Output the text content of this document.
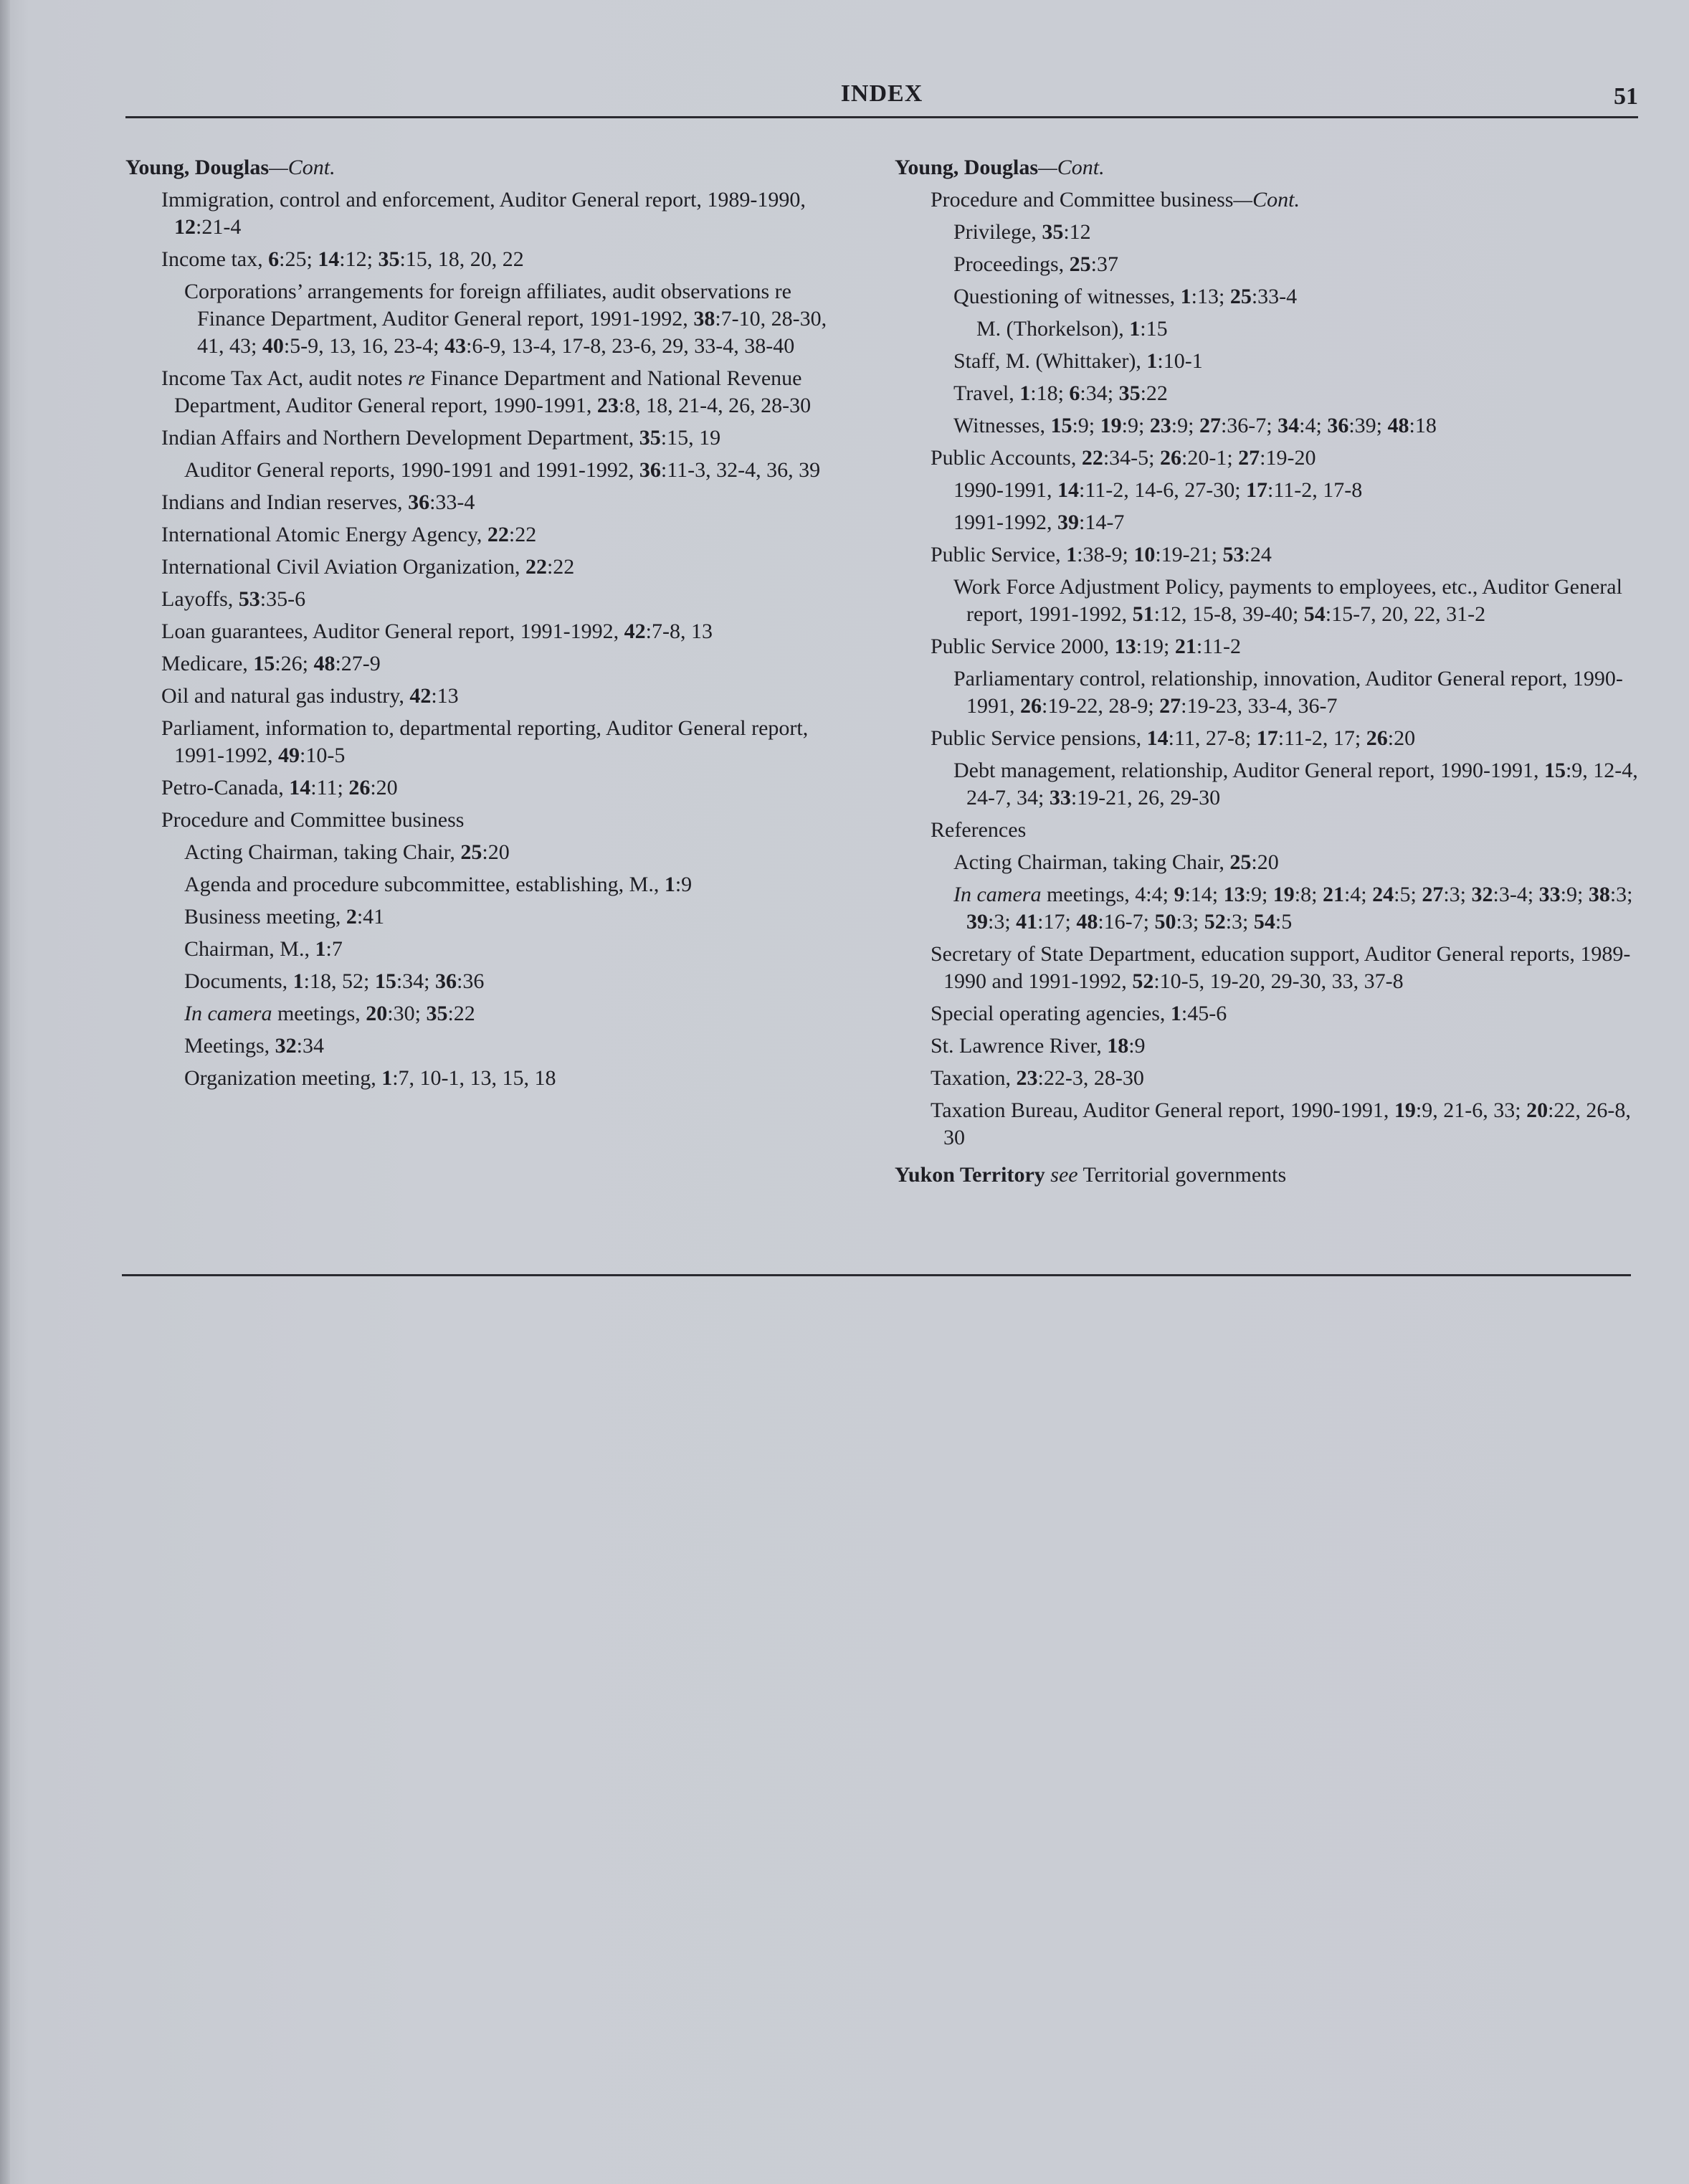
INDEX	51
Young, Douglas—Cont.
Immigration, control and enforcement, Auditor General report, 1989-1990, 12:21-4
Income tax, 6:25; 14:12; 35:15, 18, 20, 22
Corporations’ arrangements for foreign affiliates, audit observations re Finance Department, Auditor General report, 1991-1992, 38:7-10, 28-30, 41, 43; 40:5-9, 13, 16, 23-4; 43:6-9, 13-4, 17-8, 23-6, 29, 33-4, 38-40
Income Tax Act, audit notes re Finance Department and National Revenue Department, Auditor General report, 1990-1991, 23:8, 18, 21-4, 26, 28-30
Indian Affairs and Northern Development Department, 35:15, 19
Auditor General reports, 1990-1991 and 1991-1992, 36:11-3, 32-4, 36, 39
Indians and Indian reserves, 36:33-4
International Atomic Energy Agency, 22:22
International Civil Aviation Organization, 22:22
Layoffs, 53:35-6
Loan guarantees, Auditor General report, 1991-1992, 42:7-8, 13
Medicare, 15:26; 48:27-9
Oil and natural gas industry, 42:13
Parliament, information to, departmental reporting, Auditor General report, 1991-1992, 49:10-5
Petro-Canada, 14:11; 26:20
Procedure and Committee business
Acting Chairman, taking Chair, 25:20
Agenda and procedure subcommittee, establishing, M., 1:9
Business meeting, 2:41
Chairman, M., 1:7
Documents, 1:18, 52; 15:34; 36:36
In camera meetings, 20:30; 35:22
Meetings, 32:34
Organization meeting, 1:7, 10-1, 13, 15, 18
Young, Douglas—Cont.
Procedure and Committee business—Cont.
Privilege, 35:12
Proceedings, 25:37
Questioning of witnesses, 1:13; 25:33-4
M. (Thorkelson), 1:15
Staff, M. (Whittaker), 1:10-1
Travel, 1:18; 6:34; 35:22
Witnesses, 15:9; 19:9; 23:9; 27:36-7; 34:4; 36:39; 48:18
Public Accounts, 22:34-5; 26:20-1; 27:19-20
1990-1991, 14:11-2, 14-6, 27-30; 17:11-2, 17-8
1991-1992, 39:14-7
Public Service, 1:38-9; 10:19-21; 53:24
Work Force Adjustment Policy, payments to employees, etc., Auditor General report, 1991-1992, 51:12, 15-8, 39-40; 54:15-7, 20, 22, 31-2
Public Service 2000, 13:19; 21:11-2
Parliamentary control, relationship, innovation, Auditor General report, 1990-1991, 26:19-22, 28-9; 27:19-23, 33-4, 36-7
Public Service pensions, 14:11, 27-8; 17:11-2, 17; 26:20
Debt management, relationship, Auditor General report, 1990-1991, 15:9, 12-4, 24-7, 34; 33:19-21, 26, 29-30
References
Acting Chairman, taking Chair, 25:20
In camera meetings, 4:4; 9:14; 13:9; 19:8; 21:4; 24:5; 27:3; 32:3-4; 33:9; 38:3; 39:3; 41:17; 48:16-7; 50:3; 52:3; 54:5
Secretary of State Department, education support, Auditor General reports, 1989-1990 and 1991-1992, 52:10-5, 19-20, 29-30, 33, 37-8
Special operating agencies, 1:45-6
St. Lawrence River, 18:9
Taxation, 23:22-3, 28-30
Taxation Bureau, Auditor General report, 1990-1991, 19:9, 21-6, 33; 20:22, 26-8, 30
Yukon Territory see Territorial governments
